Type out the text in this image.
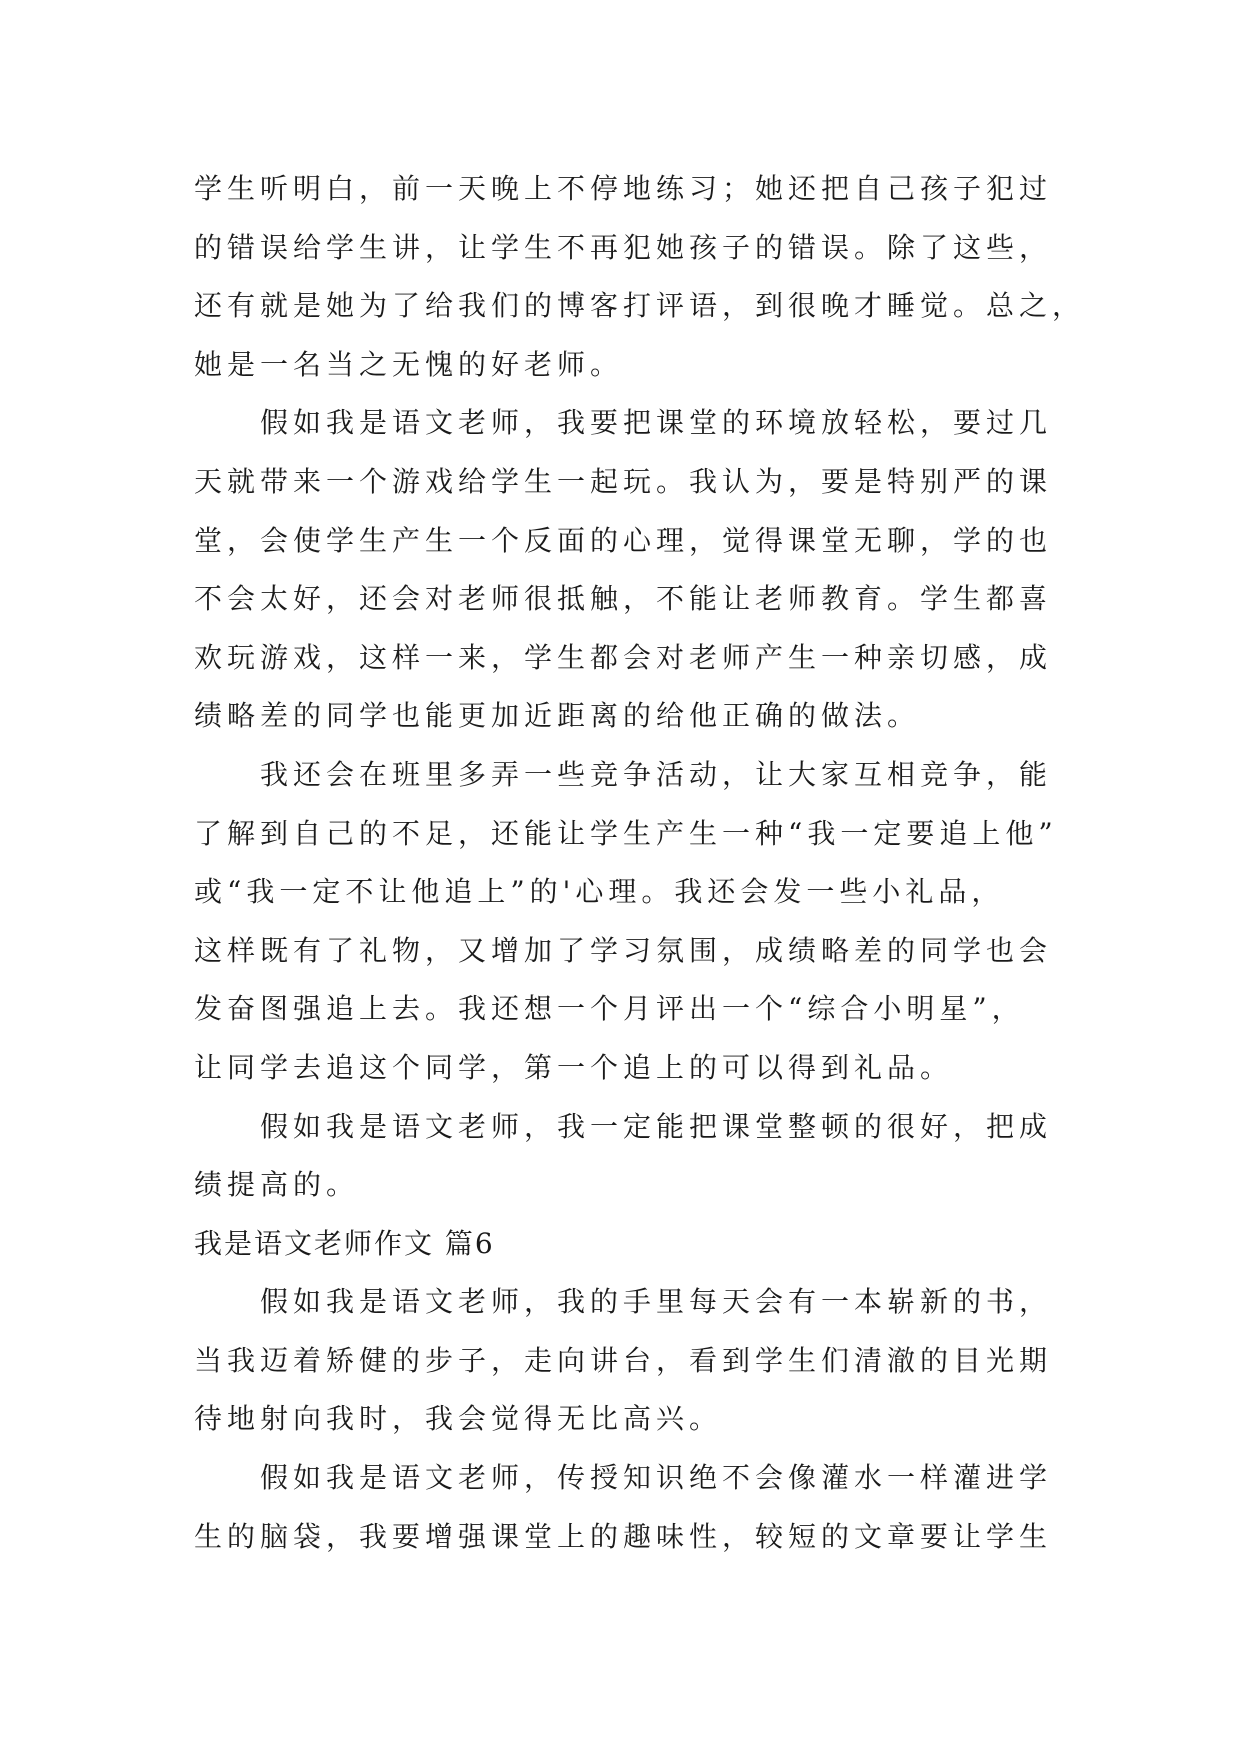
学生听明白，前一天晚上不停地练习；她还把自己孩子犯过
的错误给学生讲，让学生不再犯她孩子的错误。除了这些，
还有就是她为了给我们的博客打评语，到很晚才睡觉。总之，
她是一名当之无愧的好老师。
假如我是语文老师，我要把课堂的环境放轻松，要过几
天就带来一个游戏给学生一起玩。我认为，要是特别严的课
堂，会使学生产生一个反面的心理，觉得课堂无聊，学的也
不会太好，还会对老师很抵触，不能让老师教育。学生都喜
欢玩游戏，这样一来，学生都会对老师产生一种亲切感，成
绩略差的同学也能更加近距离的给他正确的做法。
我还会在班里多弄一些竞争活动，让大家互相竞争，能
了解到自己的不足，还能让学生产生一种“我一定要追上他”
或“我一定不让他追上”的'心理。我还会发一些小礼品，
这样既有了礼物，又增加了学习氛围，成绩略差的同学也会
发奋图强追上去。我还想一个月评出一个“综合小明星”，
让同学去追这个同学，第一个追上的可以得到礼品。
假如我是语文老师，我一定能把课堂整顿的很好，把成
绩提高的。
我是语文老师作文 篇6
假如我是语文老师，我的手里每天会有一本崭新的书，
当我迈着矫健的步子，走向讲台，看到学生们清澈的目光期
待地射向我时，我会觉得无比高兴。
假如我是语文老师，传授知识绝不会像灌水一样灌进学
生的脑袋，我要增强课堂上的趣味性，较短的文章要让学生
